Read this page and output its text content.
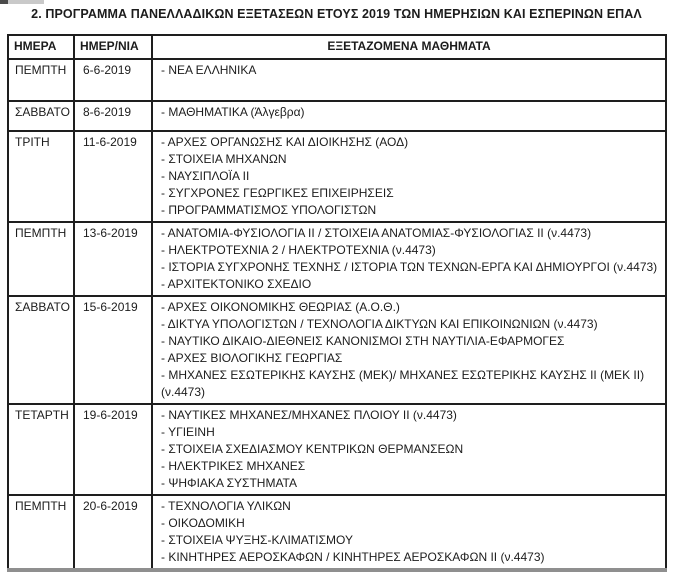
2. ΠΡΟΓΡΑΜΜΑ ΠΑΝΕΛΛΑΔΙΚΩΝ ΕΞΕΤΑΣΕΩΝ ΕΤΟΥΣ 2019 ΤΩΝ ΗΜΕΡΗΣΙΩΝ ΚΑΙ ΕΣΠΕΡΙΝΩΝ ΕΠΑΛ
ΗΜΕΡΑ	ΗΜΕΡ/ΝΙΑ	ΕΞΕΤΑΖΟΜΕΝΑ ΜΑΘΗΜΑΤΑ
ΠΕΜΠΤΗ	6-6-2019	- ΝΕΑ ΕΛΛΗΝΙΚΑ

ΣΑΒΒΑΤΟ	8-6-2019	- ΜΑΘΗΜΑΤΙΚΑ (Άλγεβρα)

ΤΡΙΤΗ	11-6-2019	- ΑΡΧΕΣ ΟΡΓΑΝΩΣΗΣ ΚΑΙ ΔΙΟΙΚΗΣΗΣ (ΑΟΔ)
- ΣΤΟΙΧΕΙΑ ΜΗΧΑΝΩΝ
- ΝΑΥΣΙΠΛΟΪΑ II
- ΣΥΓΧΡΟΝΕΣ ΓΕΩΡΓΙΚΕΣ ΕΠΙΧΕΙΡΗΣΕΙΣ
- ΠΡΟΓΡΑΜΜΑΤΙΣΜΟΣ ΥΠΟΛΟΓΙΣΤΩΝ

ΠΕΜΠΤΗ	13-6-2019	- ΑΝΑΤΟΜΙΑ-ΦΥΣΙΟΛΟΓΙΑ II / ΣΤΟΙΧΕΙΑ ΑΝΑΤΟΜΙΑΣ-ΦΥΣΙΟΛΟΓΙΑΣ II (ν.4473)
- ΗΛΕΚΤΡΟΤΕΧΝΙΑ 2 / ΗΛΕΚΤΡΟΤΕΧΝΙΑ (ν.4473)
- ΙΣΤΟΡΙΑ ΣΥΓΧΡΟΝΗΣ ΤΕΧΝΗΣ / ΙΣΤΟΡΙΑ ΤΩΝ ΤΕΧΝΩΝ-ΕΡΓΑ ΚΑΙ ΔΗΜΙΟΥΡΓΟΙ (ν.4473)
- ΑΡΧΙΤΕΚΤΟΝΙΚΟ ΣΧΕΔΙΟ

ΣΑΒΒΑΤΟ	15-6-2019	- ΑΡΧΕΣ ΟΙΚΟΝΟΜΙΚΗΣ ΘΕΩΡΙΑΣ (Α.Ο.Θ.)
- ΔΙΚΤΥΑ ΥΠΟΛΟΓΙΣΤΩΝ / ΤΕΧΝΟΛΟΓΙΑ ΔΙΚΤΥΩΝ ΚΑΙ ΕΠΙΚΟΙΝΩΝΙΩΝ (ν.4473)
- ΝΑΥΤΙΚΟ ΔΙΚΑΙΟ-ΔΙΕΘΝΕΙΣ ΚΑΝΟΝΙΣΜΟΙ ΣΤΗ ΝΑΥΤΙΛΙΑ-ΕΦΑΡΜΟΓΕΣ
- ΑΡΧΕΣ ΒΙΟΛΟΓΙΚΗΣ ΓΕΩΡΓΙΑΣ
- ΜΗΧΑΝΕΣ ΕΣΩΤΕΡΙΚΗΣ ΚΑΥΣΗΣ (ΜΕΚ)/ ΜΗΧΑΝΕΣ ΕΣΩΤΕΡΙΚΗΣ ΚΑΥΣΗΣ II (ΜΕΚ II)
(ν.4473)

ΤΕΤΑΡΤΗ	19-6-2019	- ΝΑΥΤΙΚΕΣ ΜΗΧΑΝΕΣ/ΜΗΧΑΝΕΣ ΠΛΟΙΟΥ II (ν.4473)
- ΥΓΙΕΙΝΗ
- ΣΤΟΙΧΕΙΑ ΣΧΕΔΙΑΣΜΟΥ ΚΕΝΤΡΙΚΩΝ ΘΕΡΜΑΝΣΕΩΝ
- ΗΛΕΚΤΡΙΚΕΣ ΜΗΧΑΝΕΣ
- ΨΗΦΙΑΚΑ ΣΥΣΤΗΜΑΤΑ

ΠΕΜΠΤΗ	20-6-2019	- ΤΕΧΝΟΛΟΓΙΑ ΥΛΙΚΩΝ
- ΟΙΚΟΔΟΜΙΚΗ
- ΣΤΟΙΧΕΙΑ ΨΥΞΗΣ-ΚΛΙΜΑΤΙΣΜΟΥ
- ΚΙΝΗΤΗΡΕΣ ΑΕΡΟΣΚΑΦΩΝ / ΚΙΝΗΤΗΡΕΣ ΑΕΡΟΣΚΑΦΩΝ II (ν.4473)
